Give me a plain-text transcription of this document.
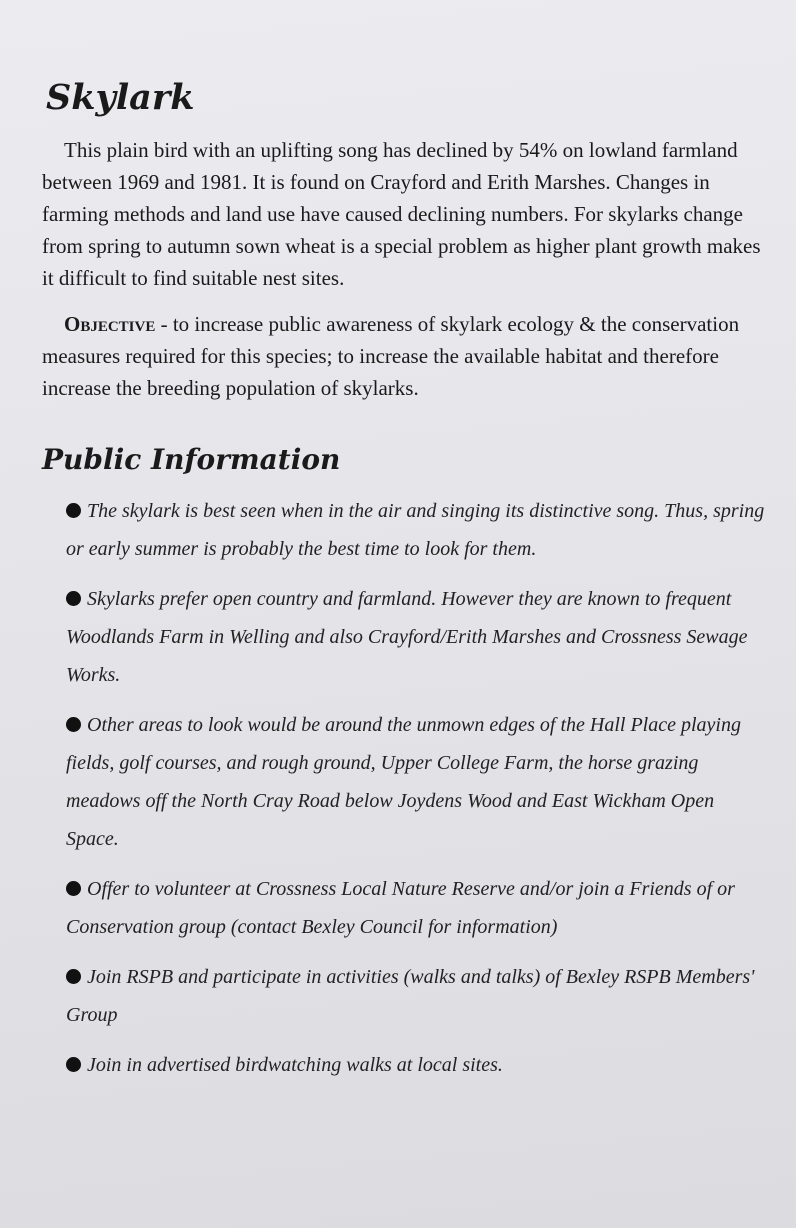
Skylark

This plain bird with an uplifting song has declined by 54% on lowland farmland between 1969 and 1981. It is found on Crayford and Erith Marshes. Changes in farming methods and land use have caused declining numbers. For skylarks change from spring to autumn sown wheat is a special problem as higher plant growth makes it difficult to find suitable nest sites.

Objective - to increase public awareness of skylark ecology & the conservation measures required for this species; to increase the available habitat and therefore increase the breeding population of skylarks.

Public Information
The skylark is best seen when in the air and singing its distinctive song. Thus, spring or early summer is probably the best time to look for them.
Skylarks prefer open country and farmland. However they are known to frequent Woodlands Farm in Welling and also Crayford/Erith Marshes and Crossness Sewage Works.
Other areas to look would be around the unmown edges of the Hall Place playing fields, golf courses, and rough ground, Upper College Farm, the horse grazing meadows off the North Cray Road below Joydens Wood and East Wickham Open Space.
Offer to volunteer at Crossness Local Nature Reserve and/or join a Friends of or Conservation group (contact Bexley Council for information)
Join RSPB and participate in activities (walks and talks) of Bexley RSPB Members' Group
Join in advertised birdwatching walks at local sites.
